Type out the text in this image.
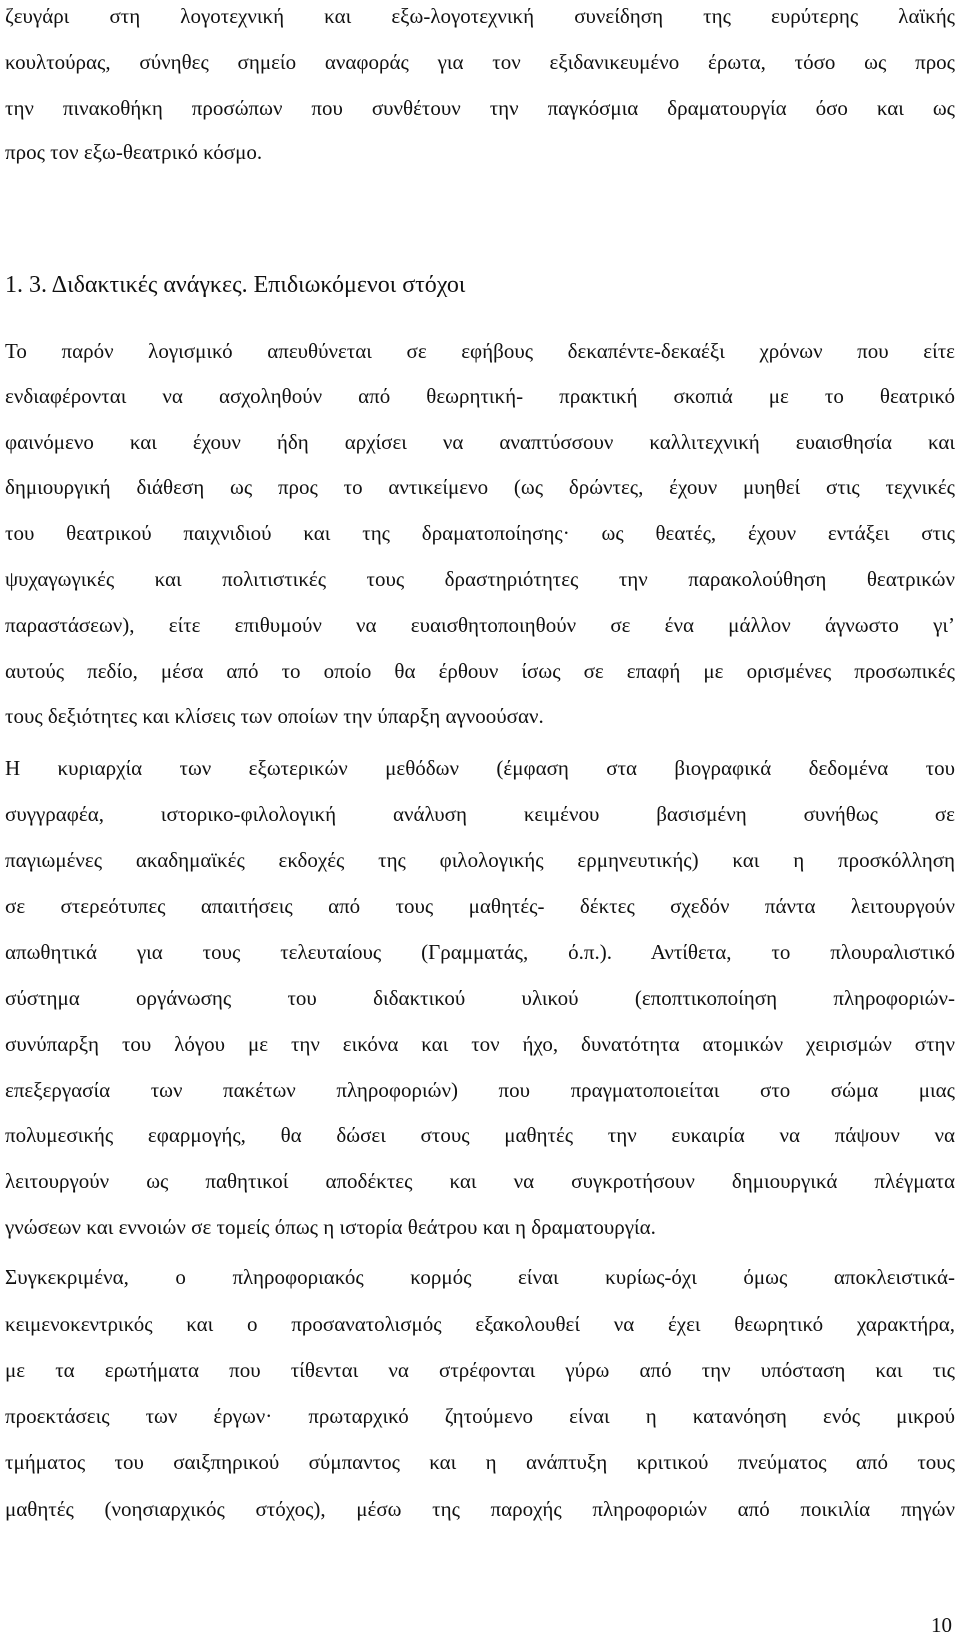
ζευγάρι στη λογοτεχνική και εξω-λογοτεχνική συνείδηση της ευρύτερης λαϊκής
κουλτούρας, σύνηθες σημείο αναφοράς για τον εξιδανικευμένο έρωτα, τόσο ως προς
την πινακοθήκη προσώπων που συνθέτουν την παγκόσμια δραματουργία όσο και ως
προς τον εξω-θεατρικό κόσμο.
1. 3. Διδακτικές ανάγκες. Επιδιωκόμενοι στόχοι
Το παρόν λογισμικό απευθύνεται σε εφήβους δεκαπέντε-δεκαέξι χρόνων που είτε
ενδιαφέρονται να ασχοληθούν από θεωρητική- πρακτική σκοπιά με το θεατρικό
φαινόμενο και έχουν ήδη αρχίσει να αναπτύσσουν καλλιτεχνική ευαισθησία και
δημιουργική διάθεση ως προς το αντικείμενο (ως δρώντες, έχουν μυηθεί στις τεχνικές
του θεατρικού παιχνιδιού και της δραματοποίησης· ως θεατές, έχουν εντάξει στις
ψυχαγωγικές και πολιτιστικές τους δραστηριότητες την παρακολούθηση θεατρικών
παραστάσεων), είτε επιθυμούν να ευαισθητοποιηθούν σε ένα μάλλον άγνωστο γι’
αυτούς πεδίο, μέσα από το οποίο θα έρθουν ίσως σε επαφή με ορισμένες προσωπικές
τους δεξιότητες και κλίσεις των οποίων την ύπαρξη αγνοούσαν.
Η κυριαρχία των εξωτερικών μεθόδων (έμφαση στα βιογραφικά δεδομένα του
συγγραφέα, ιστορικο-φιλολογική ανάλυση κειμένου βασισμένη συνήθως σε
παγιωμένες ακαδημαϊκές εκδοχές της φιλολογικής ερμηνευτικής) και η προσκόλληση
σε στερεότυπες απαιτήσεις από τους μαθητές- δέκτες σχεδόν πάντα λειτουργούν
απωθητικά για τους τελευταίους (Γραμματάς, ό.π.). Αντίθετα, το πλουραλιστικό
σύστημα οργάνωσης του διδακτικού υλικού (εποπτικοποίηση πληροφοριών-
συνύπαρξη του λόγου με την εικόνα και τον ήχο, δυνατότητα ατομικών χειρισμών στην
επεξεργασία των πακέτων πληροφοριών) που πραγματοποιείται στο σώμα μιας
πολυμεσικής εφαρμογής, θα δώσει στους μαθητές την ευκαιρία να πάψουν να
λειτουργούν ως παθητικοί αποδέκτες και να συγκροτήσουν δημιουργικά πλέγματα
γνώσεων και εννοιών σε τομείς όπως η ιστορία θεάτρου και η δραματουργία.
Συγκεκριμένα, ο πληροφοριακός κορμός είναι κυρίως-όχι όμως αποκλειστικά-
κειμενοκεντρικός και ο προσανατολισμός εξακολουθεί να έχει θεωρητικό χαρακτήρα,
με τα ερωτήματα που τίθενται να στρέφονται γύρω από την υπόσταση και τις
προεκτάσεις των έργων· πρωταρχικό ζητούμενο είναι η κατανόηση ενός μικρού
τμήματος του σαιξπηρικού σύμπαντος και η ανάπτυξη κριτικού πνεύματος από τους
μαθητές (νοησιαρχικός στόχος), μέσω της παροχής πληροφοριών από ποικιλία πηγών
10
